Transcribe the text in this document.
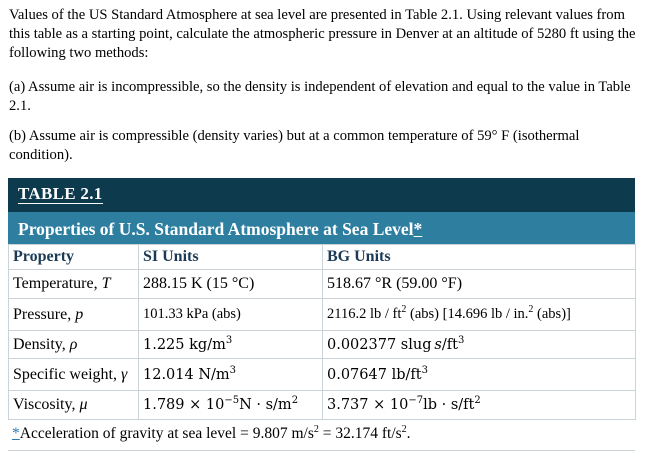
Values of the US Standard Atmosphere at sea level are presented in Table 2.1. Using relevant values from this table as a starting point, calculate the atmospheric pressure in Denver at an altitude of 5280 ft using the following two methods:

(a) Assume air is incompressible, so the density is independent of elevation and equal to the value in Table 2.1.

(b) Assume air is compressible (density varies) but at a common temperature of 59° F (isothermal condition).

TABLE 2.1
Properties of U.S. Standard Atmosphere at Sea Level*
Property	SI Units	BG Units
Temperature, T	288.15 K (15 °C)	518.67 °R (59.00 °F)
Pressure, p	101.33 kPa (abs)	2116.2 lb / $ft^2$ (abs) [14.696 lb / in.$^2$ (abs)]
Density, ρ	1.225 $kg/m^3$	0.002377 slug $s/ft^3$
Specific weight, γ	12.014 $N/m^3$	0.07647 $lb/ft^3$
Viscosity, μ	$1.789 \times 10^{-5}N \cdot s/m^2$	$3.737 \times 10^{-7}lb \cdot s/ft^2$
*Acceleration of gravity at sea level = 9.807 $m/s^2 = 32.174$ $ft/s^2$.
